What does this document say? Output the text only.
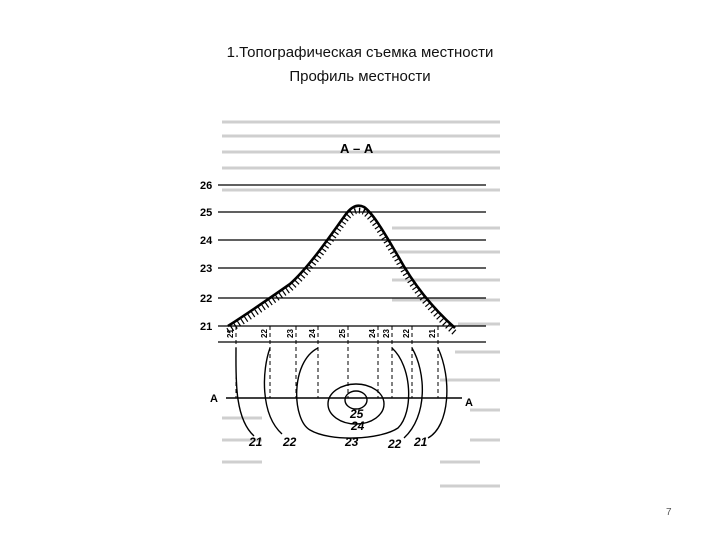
1.Топографическая съемка местности
Профиль местности
А – А
26
25
24
23
22
21
21	22 23 24	25	24 23 22 21
А	А
25
24
23
22	22
21	21
7
